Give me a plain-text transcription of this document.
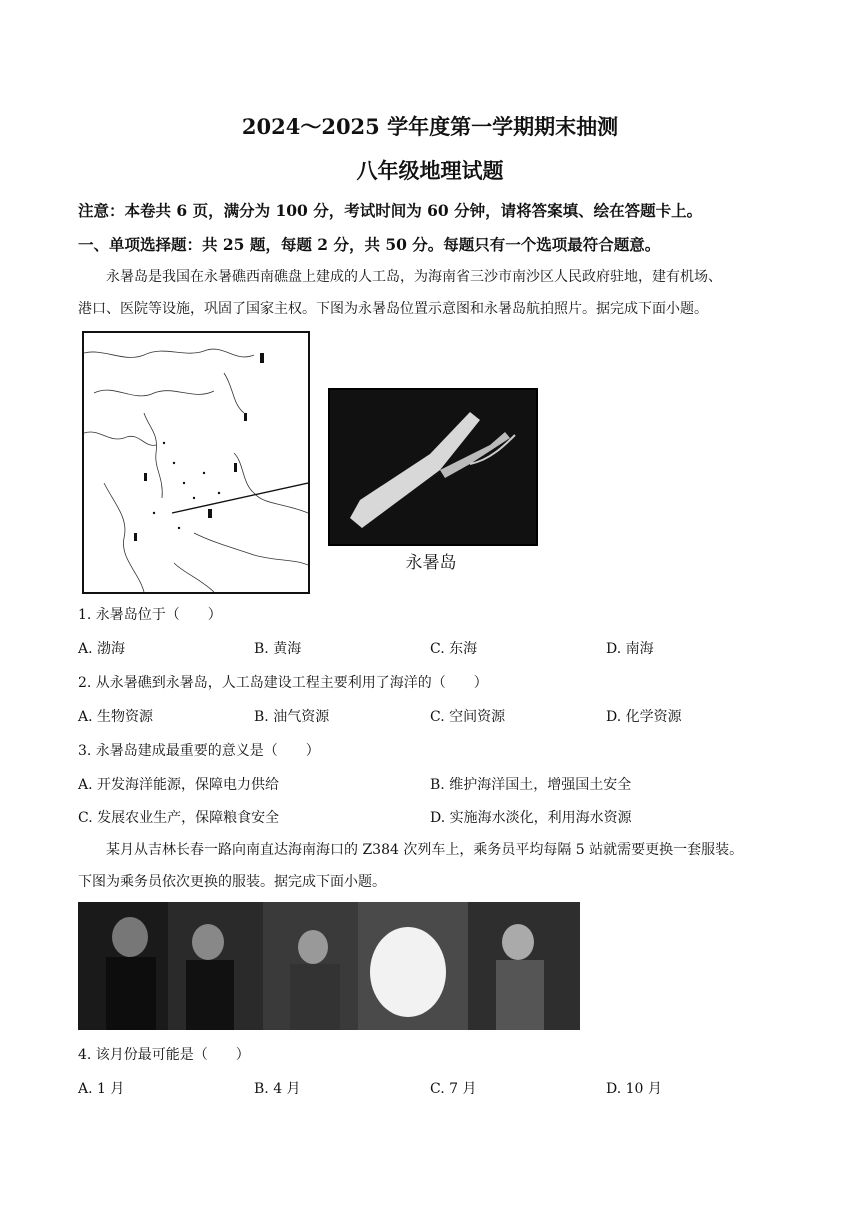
2024～2025 学年度第一学期期末抽测
八年级地理试题
注意：本卷共 6 页，满分为 100 分，考试时间为 60 分钟，请将答案填、绘在答题卡上。
一、单项选择题：共 25 题，每题 2 分，共 50 分。每题只有一个选项最符合题意。
永暑岛是我国在永暑礁西南礁盘上建成的人工岛，为海南省三沙市南沙区人民政府驻地，建有机场、
港口、医院等设施，巩固了国家主权。下图为永暑岛位置示意图和永暑岛航拍照片。据完成下面小题。
永暑岛
1. 永暑岛位于（　　）
A. 渤海	B. 黄海	C. 东海	D. 南海
2. 从永暑礁到永暑岛，人工岛建设工程主要利用了海洋的（　　）
A. 生物资源	B. 油气资源	C. 空间资源	D. 化学资源
3. 永暑岛建成最重要的意义是（　　）
A. 开发海洋能源，保障电力供给	B. 维护海洋国土，增强国土安全
C. 发展农业生产，保障粮食安全	D. 实施海水淡化，利用海水资源
某月从吉林长春一路向南直达海南海口的 Z384 次列车上，乘务员平均每隔 5 站就需要更换一套服装。
下图为乘务员依次更换的服装。据完成下面小题。
4. 该月份最可能是（　　）
A. 1 月	B. 4 月	C. 7 月	D. 10 月
